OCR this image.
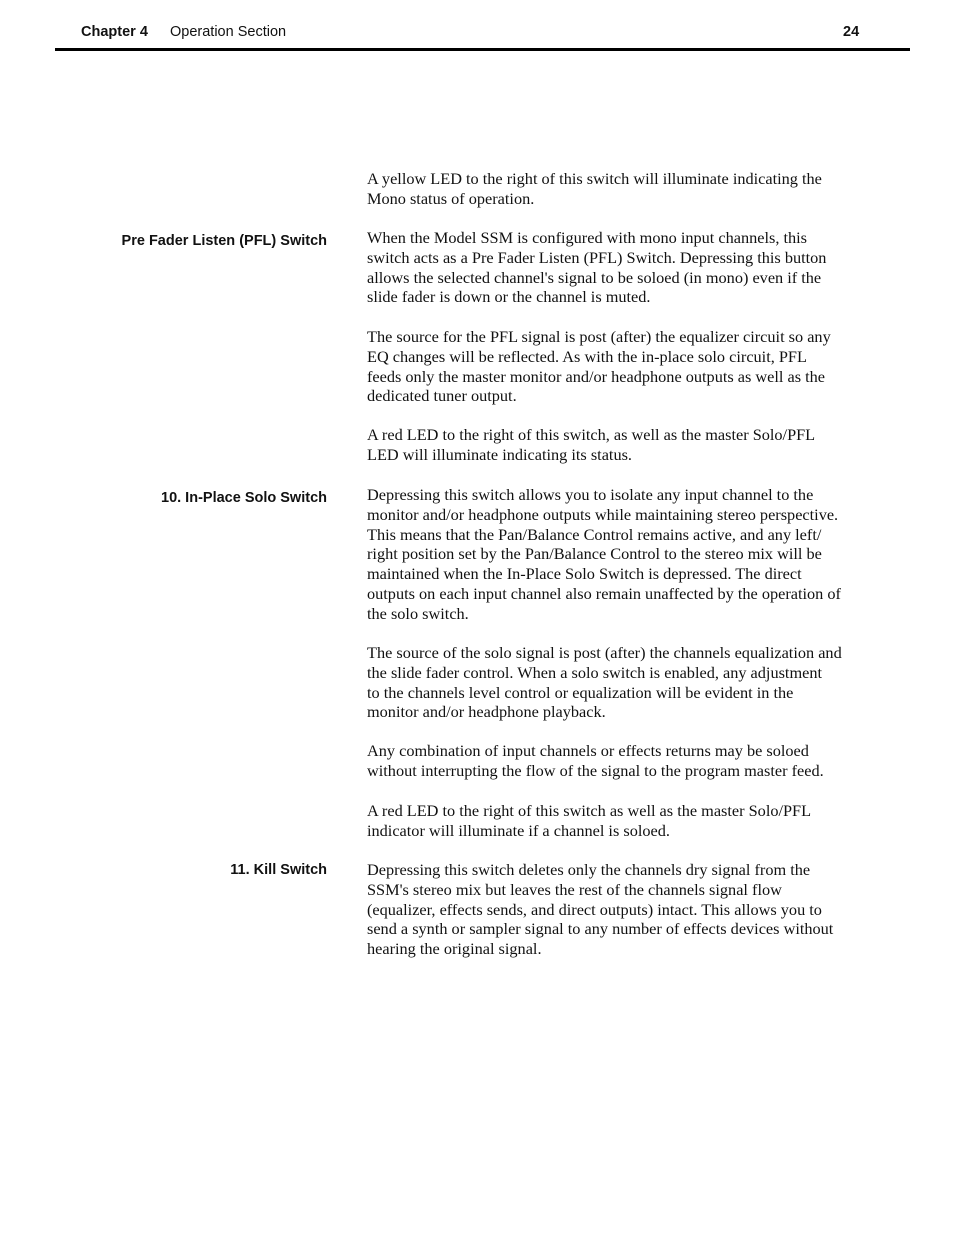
Chapter 4 Operation Section	24
A yellow LED to the right of this switch will illuminate indicating the
Mono status of operation.
Pre Fader Listen (PFL) Switch When the Model SSM is configured with mono input channels, this
switch acts as a Pre Fader Listen (PFL) Switch. Depressing this button
allows the selected channel's signal to be soloed (in mono) even if the
slide fader is down or the channel is muted.
The source for the PFL signal is post (after) the equalizer circuit so any
EQ changes will be reflected. As with the in-place solo circuit, PFL
feeds only the master monitor and/or headphone outputs as well as the
dedicated tuner output.
A red LED to the right of this switch, as well as the master Solo/PFL
LED will illuminate indicating its status.
10. In-Place Solo Switch Depressing this switch allows you to isolate any input channel to the
monitor and/or headphone outputs while maintaining stereo perspective.
This means that the Pan/Balance Control remains active, and any left/
right position set by the Pan/Balance Control to the stereo mix will be
maintained when the In-Place Solo Switch is depressed. The direct
outputs on each input channel also remain unaffected by the operation of
the solo switch.
The source of the solo signal is post (after) the channels equalization and
the slide fader control. When a solo switch is enabled, any adjustment
to the channels level control or equalization will be evident in the
monitor and/or headphone playback.
Any combination of input channels or effects returns may be soloed
without interrupting the flow of the signal to the program master feed.
A red LED to the right of this switch as well as the master Solo/PFL
indicator will illuminate if a channel is soloed.
11. Kill Switch Depressing this switch deletes only the channels dry signal from the
SSM's stereo mix but leaves the rest of the channels signal flow
(equalizer, effects sends, and direct outputs) intact. This allows you to
send a synth or sampler signal to any number of effects devices without
hearing the original signal.
